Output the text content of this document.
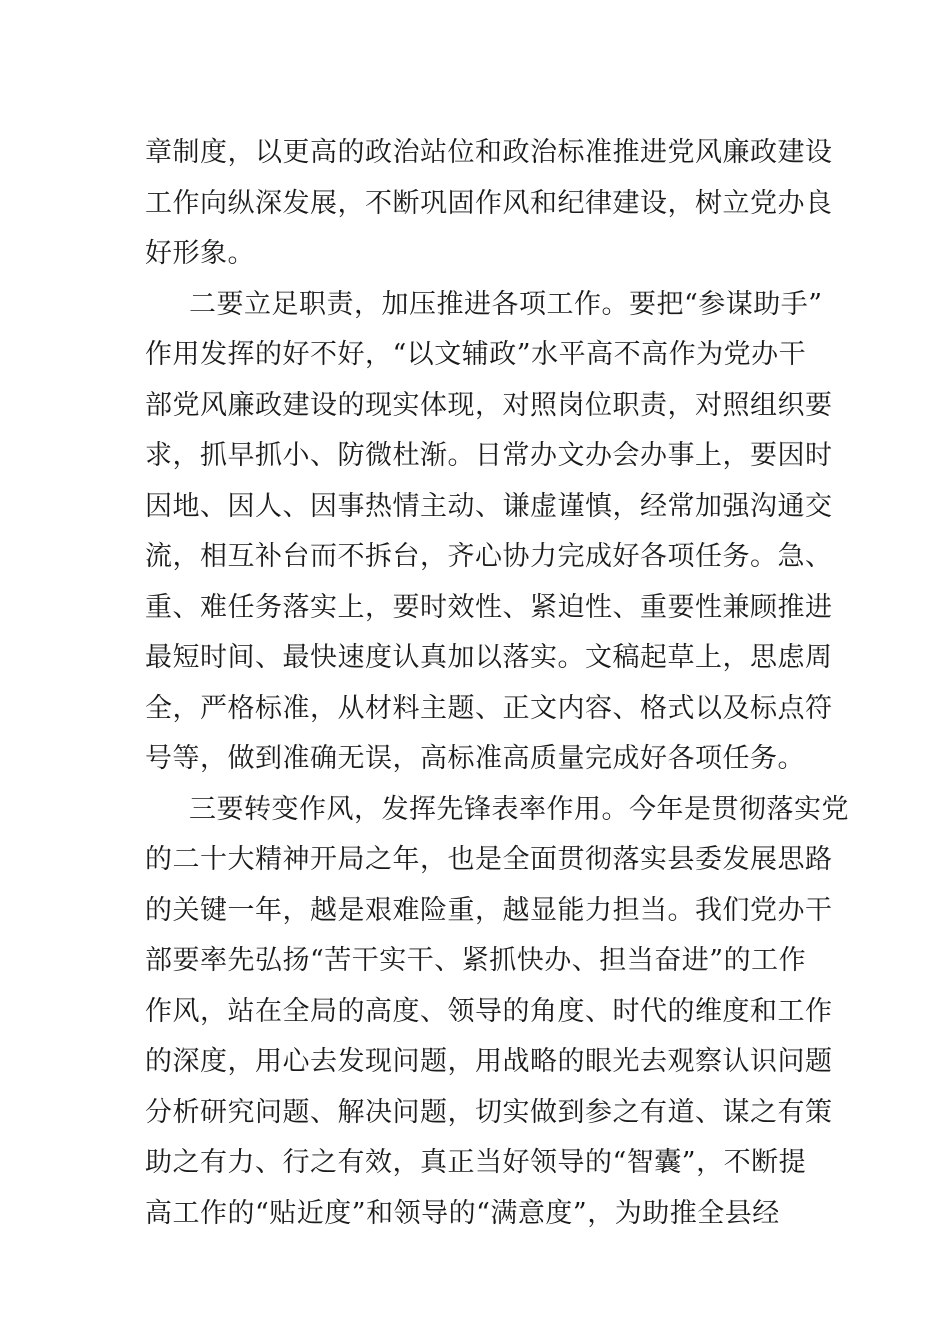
章制度，以更高的政治站位和政治标准推进党风廉政建设
工作向纵深发展，不断巩固作风和纪律建设，树立党办良
好形象。
二要立足职责，加压推进各项工作。要把“参谋助手”
作用发挥的好不好，“以文辅政”水平高不高作为党办干
部党风廉政建设的现实体现，对照岗位职责，对照组织要
求，抓早抓小、防微杜渐。日常办文办会办事上，要因时
因地、因人、因事热情主动、谦虚谨慎，经常加强沟通交
流，相互补台而不拆台，齐心协力完成好各项任务。急、
重、难任务落实上，要时效性、紧迫性、重要性兼顾推进
最短时间、最快速度认真加以落实。文稿起草上，思虑周
全，严格标准，从材料主题、正文内容、格式以及标点符
号等，做到准确无误，高标准高质量完成好各项任务。
三要转变作风，发挥先锋表率作用。今年是贯彻落实党
的二十大精神开局之年，也是全面贯彻落实县委发展思路
的关键一年，越是艰难险重，越显能力担当。我们党办干
部要率先弘扬“苦干实干、紧抓快办、担当奋进”的工作
作风，站在全局的高度、领导的角度、时代的维度和工作
的深度，用心去发现问题，用战略的眼光去观察认识问题
分析研究问题、解决问题，切实做到参之有道、谋之有策
助之有力、行之有效，真正当好领导的“智囊”，不断提
高工作的“贴近度”和领导的“满意度”，为助推全县经
